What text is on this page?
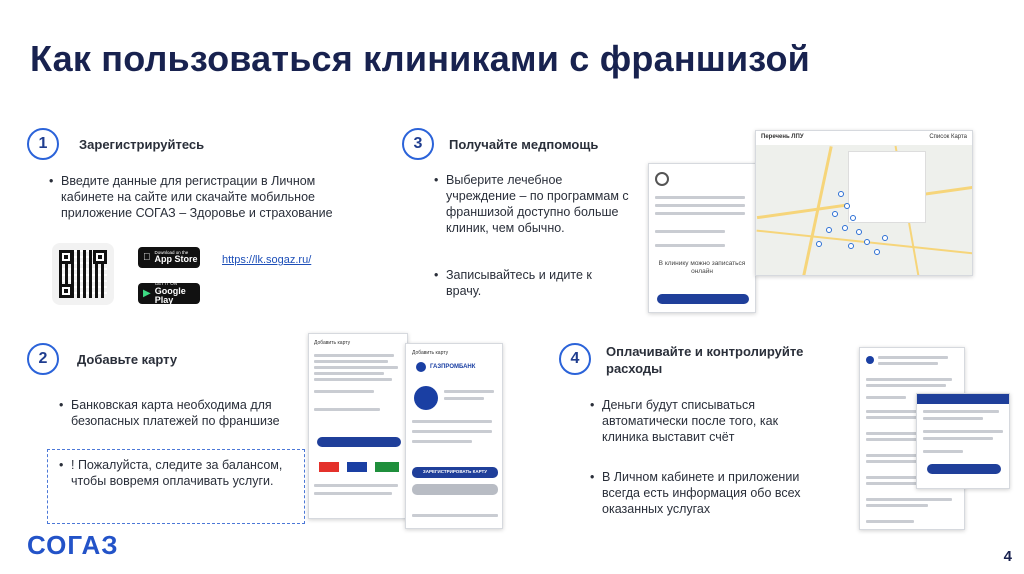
Как пользоваться клиниками с франшизой
1	Зарегистрируйтесь
• Введите данные для регистрации в Личном кабинете на сайте или скачайте мобильное приложение СОГАЗ – Здоровье и страхование
Download on the
App Store
▶
GET IT ON
Google Play
https://lk.sogaz.ru/
2	Добавьте карту
• Банковская карта необходима для безопасных платежей по франшизе
• ! Пожалуйста, следите за балансом, чтобы вовремя оплачивать услуги.
Добавить карту
Добавить карту
ГАЗПРОМБАНК
ЗАРЕГИСТРИРОВАТЬ КАРТУ
3	Получайте медпомощь
• Выберите лечебное учреждение – по программам с франшизой доступно больше клиник, чем обычно.
• Записывайтесь и идите к врачу.
В клинику можно записаться онлайн
Перечень ЛПУ	Список Карта
4	Оплачивайте и контролируйте расходы
• Деньги будут списываться автоматически после того, как клиника выставит счёт
• В Личном кабинете и приложении всегда есть информация обо всех оказанных услугах
СОГАЗ	4
